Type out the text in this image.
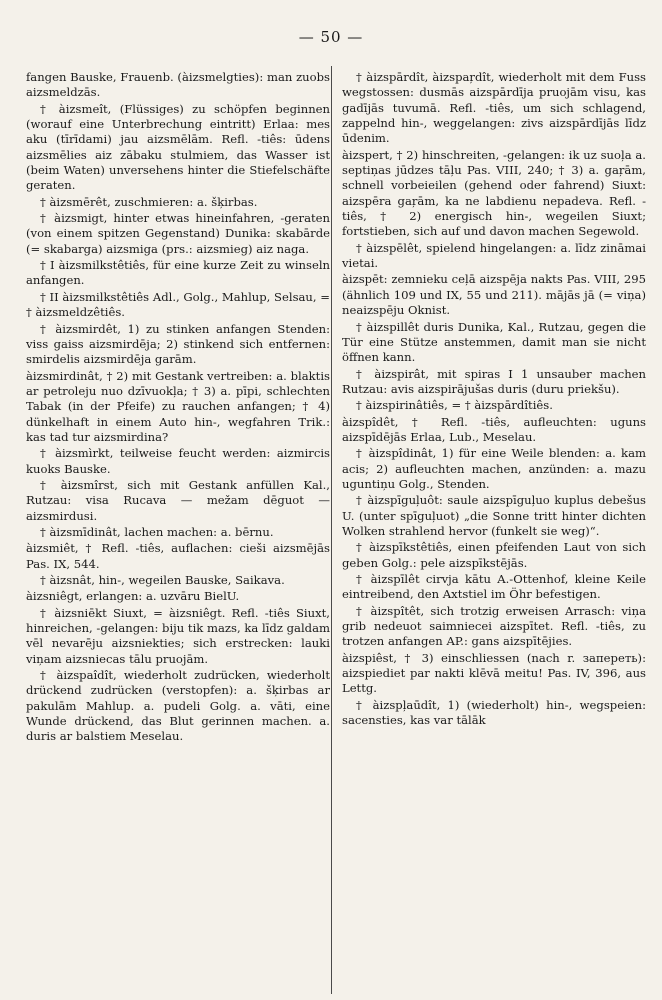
— 50 —

fangen Bauske, Frauenb. (àizsmelgties): man zuobs aizsmeldzās.

† àizsmeît, (Flüssiges) zu schöpfen beginnen (worauf eine Unterbrechung eintritt) Erlaa: mes aku (tīrīdami) jau aizsmēlām. Refl. -tiês: ūdens aizsmēlies aiz zābaku stulmiem, das Wasser ist (beim Waten) unversehens hinter die Stiefelschäfte geraten.

† àizsmērêt, zuschmieren: a. šķirbas.

† àizsmigt, hinter etwas hineinfahren, -geraten (von einem spitzen Gegenstand) Dunika: skabārde (= skabarga) aizsmiga (prs.: aizsmieg) aiz naga.

† I àizsmilkstêtiês, für eine kurze Zeit zu winseln anfangen.

† II àizsmilkstêtiês Adl., Golg., Mahlup, Selsau, = † àizsmeldzêtiês.

† àizsmirdêt, 1) zu stinken anfangen Stenden: viss gaiss aizsmirdēja; 2) stinkend sich entfernen: smirdelis aizsmirdēja garām.

àizsmirdinât, † 2) mit Gestank vertreiben: a. blaktis ar petroleju nuo dzīvuokļa; † 3) a. pīpi, schlechten Tabak (in der Pfeife) zu rauchen anfangen; † 4) dünkelhaft in einem Auto hin-, wegfahren Trik.: kas tad tur aizsmirdina?

† àizsmìrkt, teilweise feucht werden: aizmircis kuoks Bauske.

† àizsmîrst, sich mit Gestank anfüllen Kal., Rutzau: visa Rucava — mežam dēguot — aizsmirdusi.

† àizsmīdinât, lachen machen: a. bērnu.

àizsmiêt, † Refl. -tiês, auflachen: cieši aizsmējās Pas. IX, 544.

† àizsnât, hin-, wegeilen Bauske, Saikava.

àizsniêgt, erlangen: a. uzvāru BielU.

† àizsniēkt Siuxt, = àizsniêgt. Refl. -tiês Siuxt, hinreichen, -gelangen: biju tik mazs, ka līdz galdam vēl nevarēju aizsniekties; sich erstrecken: lauki viņam aizsniecas tālu pruojām.

† àizspaîdît, wiederholt zudrücken, wiederholt drückend zudrücken (verstopfen): a. šķirbas ar pakulām Mahlup. a. pudeli Golg. a. vāti, eine Wunde drückend, das Blut gerinnen machen. a. duris ar balstiem Meselau.

† àizspārdît, àizspaŗdît, wiederholt mit dem Fuss wegstossen: dusmās aizspārdīja pruojām visu, kas gadījās tuvumā. Refl. -tiês, um sich schlagend, zappelnd hin-, weggelangen: zivs aizspārdījās līdz ūdenim.

àizspert, † 2) hinschreiten, -gelangen: ik uz suoļa a. septiņas jūdzes tāļu Pas. VIII, 240; † 3) a. gaŗām, schnell vorbeieilen (gehend oder fahrend) Siuxt: aizspēra gaŗām, ka ne labdienu nepadeva. Refl. -tiês, † 2) energisch hin-, wegeilen Siuxt; fortstieben, sich auf und davon machen Segewold.

† àizspēlêt, spielend hingelangen: a. līdz zināmai vietai.

àizspēt: zemnieku ceļā aizspēja nakts Pas. VIII, 295 (ähnlich 109 und IX, 55 und 211). mājās jā (= viņa) neaizspēju Oknist.

† àizspillêt duris Dunika, Kal., Rutzau, gegen die Tür eine Stütze anstemmen, damit man sie nicht öffnen kann.

† àizspirât, mit spiras I 1 unsauber machen Rutzau: avis aizspirājušas duris (duru priekšu).

† àizspirinâtiês, = † àizspārdîtiês.

àizspîdêt, † Refl. -tiês, aufleuchten: uguns aizspīdējās Erlaa, Lub., Meselau.

† àizspîdinât, 1) für eine Weile blenden: a. kam acis; 2) aufleuchten machen, anzünden: a. mazu uguntiņu Golg., Stenden.

† àizspīguļuôt: saule aizspīguļuo kuplus debešus U. (unter spīguļuot) „die Sonne tritt hinter dichten Wolken strahlend hervor (funkelt sie weg)“.

† àizspīkstêtiês, einen pfeifenden Laut von sich geben Golg.: pele aizspīkstējās.

† àizspīlêt cirvja kātu A.-Ottenhof, kleine Keile eintreibend, den Axtstiel im Öhr befestigen.

† àizspîtêt, sich trotzig erweisen Arrasch: viņa grib nedeuot saimniecei aizspītet. Refl. -tiês, zu trotzen anfangen AP.: gans aizspītējies.

àizspiêst, † 3) einschliessen (nach r. запереть): aizspiediet par nakti klēvā meitu! Pas. IV, 396, aus Lettg.

† àizspļaūdît, 1) (wiederholt) hin-, wegspeien: sacensties, kas var tālāk
